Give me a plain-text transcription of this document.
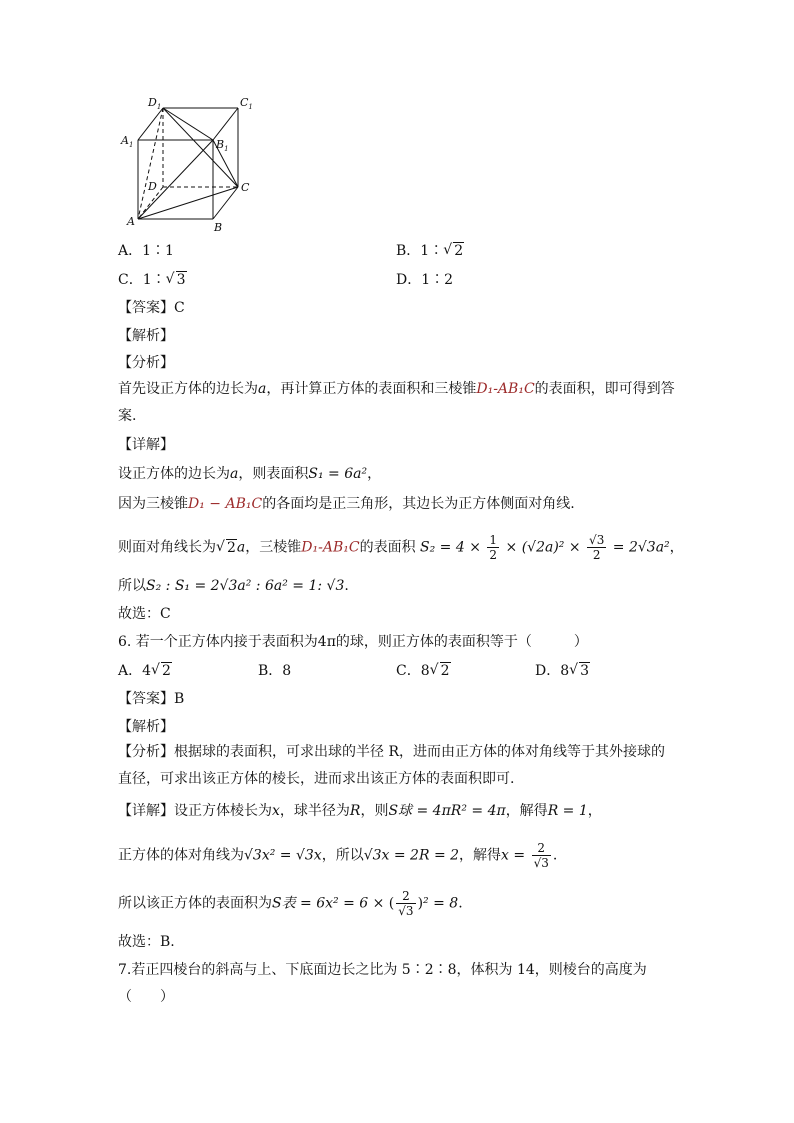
$D_1$	$C_1$
$A_1$	$B_1$
D	C
A	B
A．1∶1	B．1∶ √ 2
C．1∶ √ 3	D．1∶2
【答案】C
【解析】
【分析】
首先设正方体的边长为a，再计算正方体的表面积和三棱锥D₁-AB₁C的表面积，即可得到答案.
【详解】
设正方体的边长为a，则表面积S₁ = 6a²，
因为三棱锥D₁ − AB₁C的各面均是正三角形，其边长为正方体侧面对角线.
则面对角线长为 √ 2a，三棱锥D₁-AB₁C的表面积 $S_2 = 4 \times \frac{1}{2} \times (√2a)^2 \times \frac{√3}{2} = 2√3a^2$，
所以S₂ : S₁ = 2√3a² : 6a² = 1: √3.
故选：C
6. 若一个正方体内接于表面积为4π的球，则正方体的表面积等于（　　　）
A．4 √ 2	B．8	C．8 √ 2	D．8 √ 3
【答案】B
【解析】
【分析】根据球的表面积，可求出球的半径 R，进而由正方体的体对角线等于其外接球的直径，可求出该正方体的棱长，进而求出该正方体的表面积即可.
【详解】设正方体棱长为x，球半径为R，则S球 = 4πR² = 4π，解得R = 1，
正方体的体对角线为√3x² = √3x，所以√3x = 2R = 2，解得$x = \frac{2}{√3}$ .
所以该正方体的表面积为S表 = 6x² = 6 × ( $\frac{2}{√3} )^2 = 8$.
故选：B.
7.若正四棱台的斜高与上、下底面边长之比为 5∶2∶8，体积为 14，则棱台的高度为
（　　）
